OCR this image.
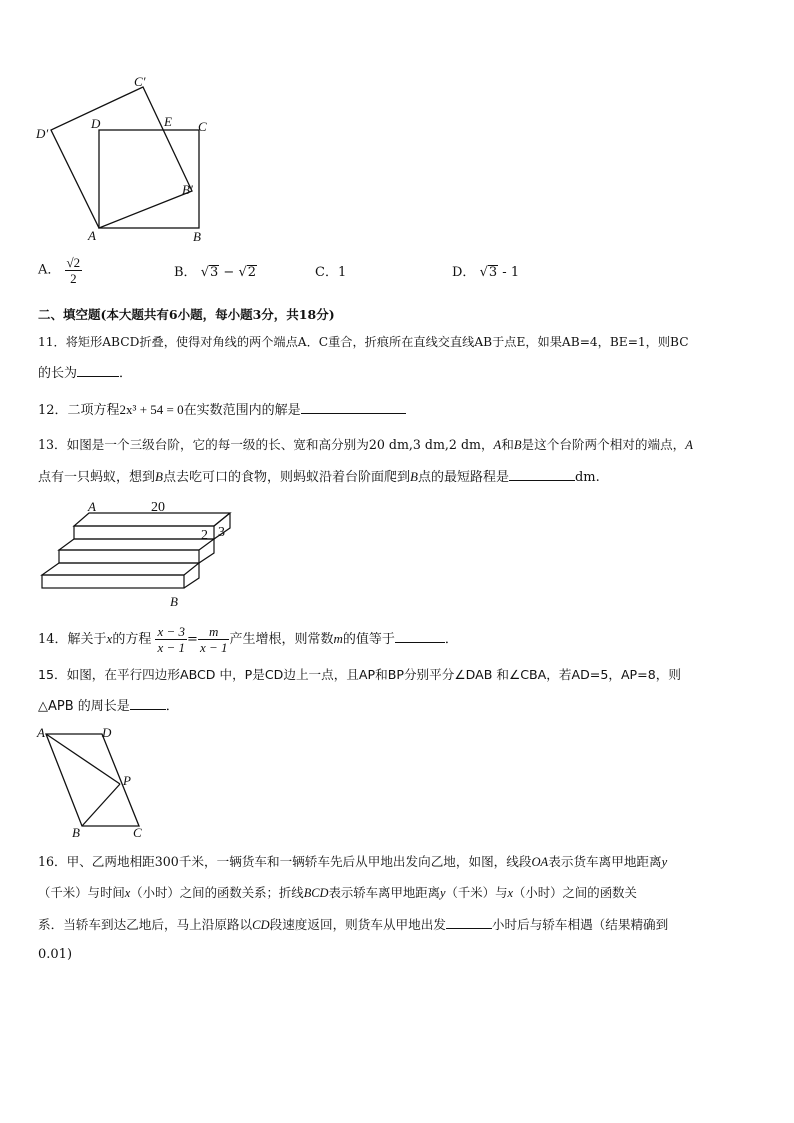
C′
D′
D	E C
B′
A	B
A． $\frac{√2}{2}$	B． √3 − √2	C．1	D． √3 - 1
二、填空题(本大题共有6小题，每小题3分，共18分)
11．将矩形ABCD折叠，使得对角线的两个端点A．C重合，折痕所在直线交直线AB于点E，如果AB=4，BE=1，则BC
的长为	．
12．二项方程2x³ + 54 = 0在实数范围内的解是
13．如图是一个三级台阶，它的每一级的长、宽和高分别为20 dm,3 dm,2 dm，A和B是这个台阶两个相对的端点，A
点有一只蚂蚁，想到B点去吃可口的食物，则蚂蚁沿着台阶面爬到B点的最短路程是	dm.
A	20
2 3
B
14．解关于x的方程 $\frac{x - 3}{x - 1} = \frac{m}{x - 1}$ 产生增根，则常数m的值等于	．
15．如图，在平行四边形ABCD 中，P是CD边上一点，且AP和BP分别平分∠DAB 和∠CBA，若AD=5，AP=8，则
△APB 的周长是	．
A	D
P
B	C
16．甲、乙两地相距300千米，一辆货车和一辆轿车先后从甲地出发向乙地，如图，线段OA表示货车离甲地距离y
（千米）与时间x（小时）之间的函数关系；折线BCD表示轿车离甲地距离y（千米）与x（小时）之间的函数关
系．当轿车到达乙地后，马上沿原路以CD段速度返回，则货车从甲地出发	小时后与轿车相遇（结果精确到
0.01)
